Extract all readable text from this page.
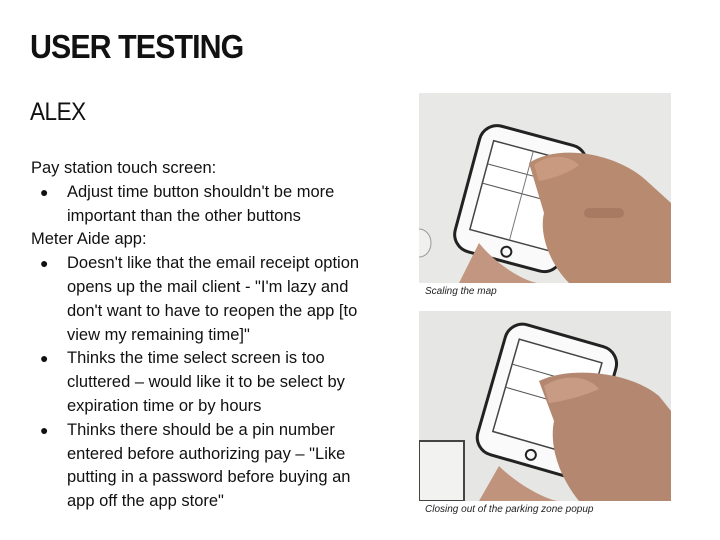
USER TESTING
ALEX

Pay station touch screen:

● Adjust time button shouldn't be more important than the other buttons

Meter Aide app:

● Doesn't like that the email receipt option opens up the mail client - "I'm lazy and don't want to have to reopen the app [to view my remaining time]"
● Thinks the time select screen is too cluttered – would like it to be select by expiration time or by hours
● Thinks there should be a pin number entered before authorizing pay – "Like putting in a password before buying an app off the app store"
Scaling the map
Closing out of the parking zone popup
